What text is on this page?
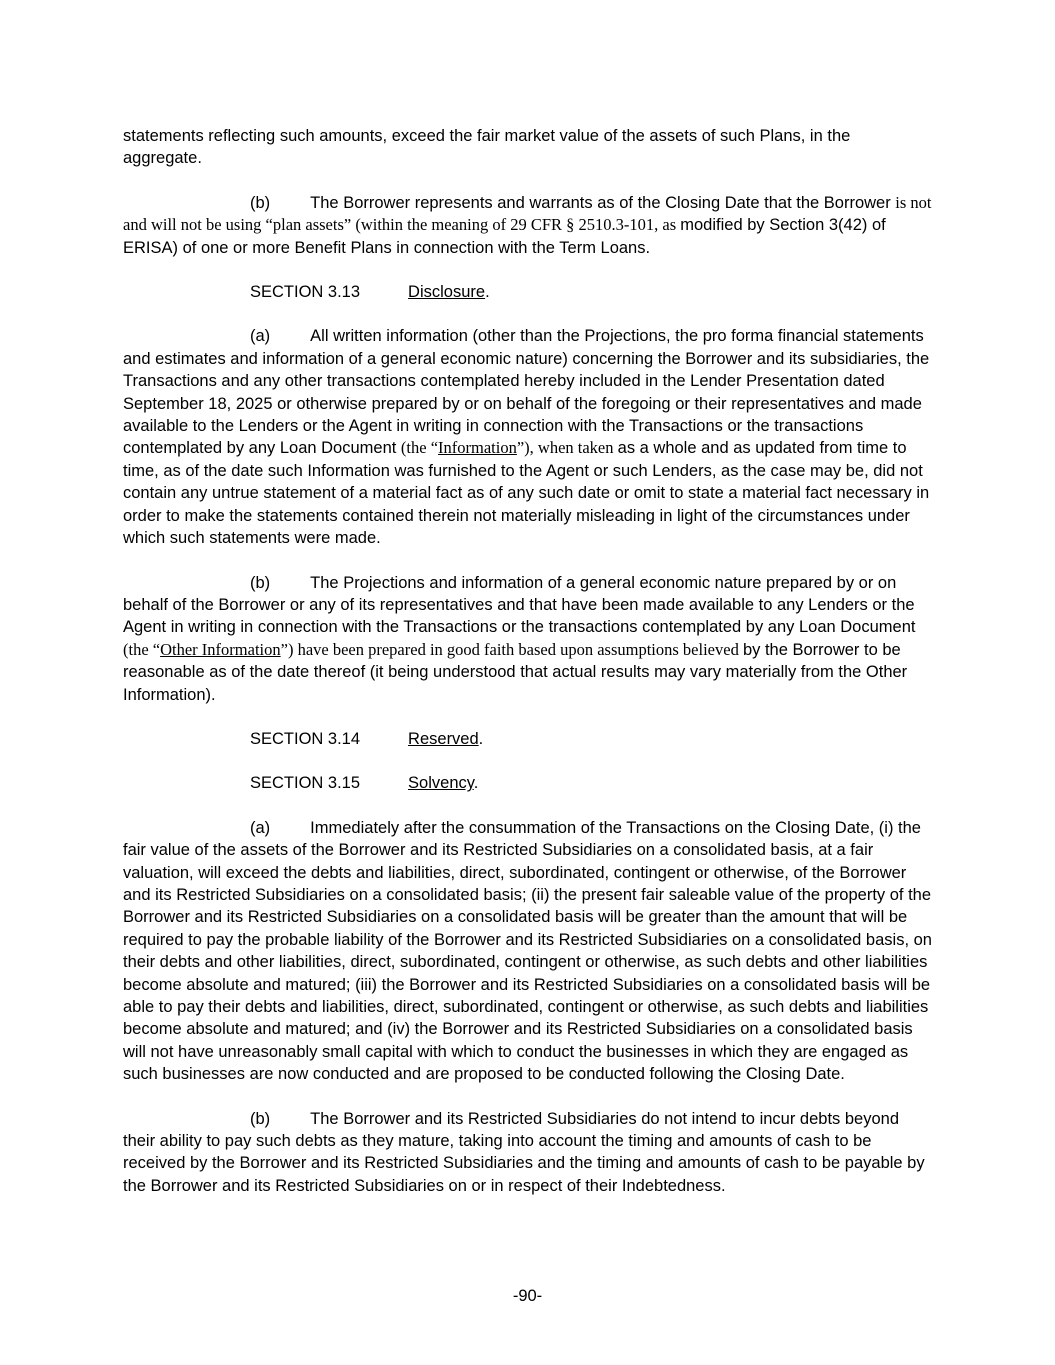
statements reflecting such amounts, exceed the fair market value of the assets of such Plans, in the aggregate.

(b) The Borrower represents and warrants as of the Closing Date that the Borrower is not and will not be using “plan assets” (within the meaning of 29 CFR § 2510.3-101, as modified by Section 3(42) of ERISA) of one or more Benefit Plans in connection with the Term Loans.

SECTION 3.13	Disclosure.

(a) All written information (other than the Projections, the pro forma financial statements and estimates and information of a general economic nature) concerning the Borrower and its subsidiaries, the Transactions and any other transactions contemplated hereby included in the Lender Presentation dated September 18, 2025 or otherwise prepared by or on behalf of the foregoing or their representatives and made available to the Lenders or the Agent in writing in connection with the Transactions or the transactions contemplated by any Loan Document (the “Information”), when taken as a whole and as updated from time to time, as of the date such Information was furnished to the Agent or such Lenders, as the case may be, did not contain any untrue statement of a material fact as of any such date or omit to state a material fact necessary in order to make the statements contained therein not materially misleading in light of the circumstances under which such statements were made.

(b) The Projections and information of a general economic nature prepared by or on behalf of the Borrower or any of its representatives and that have been made available to any Lenders or the Agent in writing in connection with the Transactions or the transactions contemplated by any Loan Document (the “Other Information”) have been prepared in good faith based upon assumptions believed by the Borrower to be reasonable as of the date thereof (it being understood that actual results may vary materially from the Other Information).

SECTION 3.14	Reserved.

SECTION 3.15	Solvency.

(a) Immediately after the consummation of the Transactions on the Closing Date, (i) the fair value of the assets of the Borrower and its Restricted Subsidiaries on a consolidated basis, at a fair valuation, will exceed the debts and liabilities, direct, subordinated, contingent or otherwise, of the Borrower and its Restricted Subsidiaries on a consolidated basis; (ii) the present fair saleable value of the property of the Borrower and its Restricted Subsidiaries on a consolidated basis will be greater than the amount that will be required to pay the probable liability of the Borrower and its Restricted Subsidiaries on a consolidated basis, on their debts and other liabilities, direct, subordinated, contingent or otherwise, as such debts and other liabilities become absolute and matured; (iii) the Borrower and its Restricted Subsidiaries on a consolidated basis will be able to pay their debts and liabilities, direct, subordinated, contingent or otherwise, as such debts and liabilities become absolute and matured; and (iv) the Borrower and its Restricted Subsidiaries on a consolidated basis will not have unreasonably small capital with which to conduct the businesses in which they are engaged as such businesses are now conducted and are proposed to be conducted following the Closing Date.

(b) The Borrower and its Restricted Subsidiaries do not intend to incur debts beyond their ability to pay such debts as they mature, taking into account the timing and amounts of cash to be received by the Borrower and its Restricted Subsidiaries and the timing and amounts of cash to be payable by the Borrower and its Restricted Subsidiaries on or in respect of their Indebtedness.

-90-
